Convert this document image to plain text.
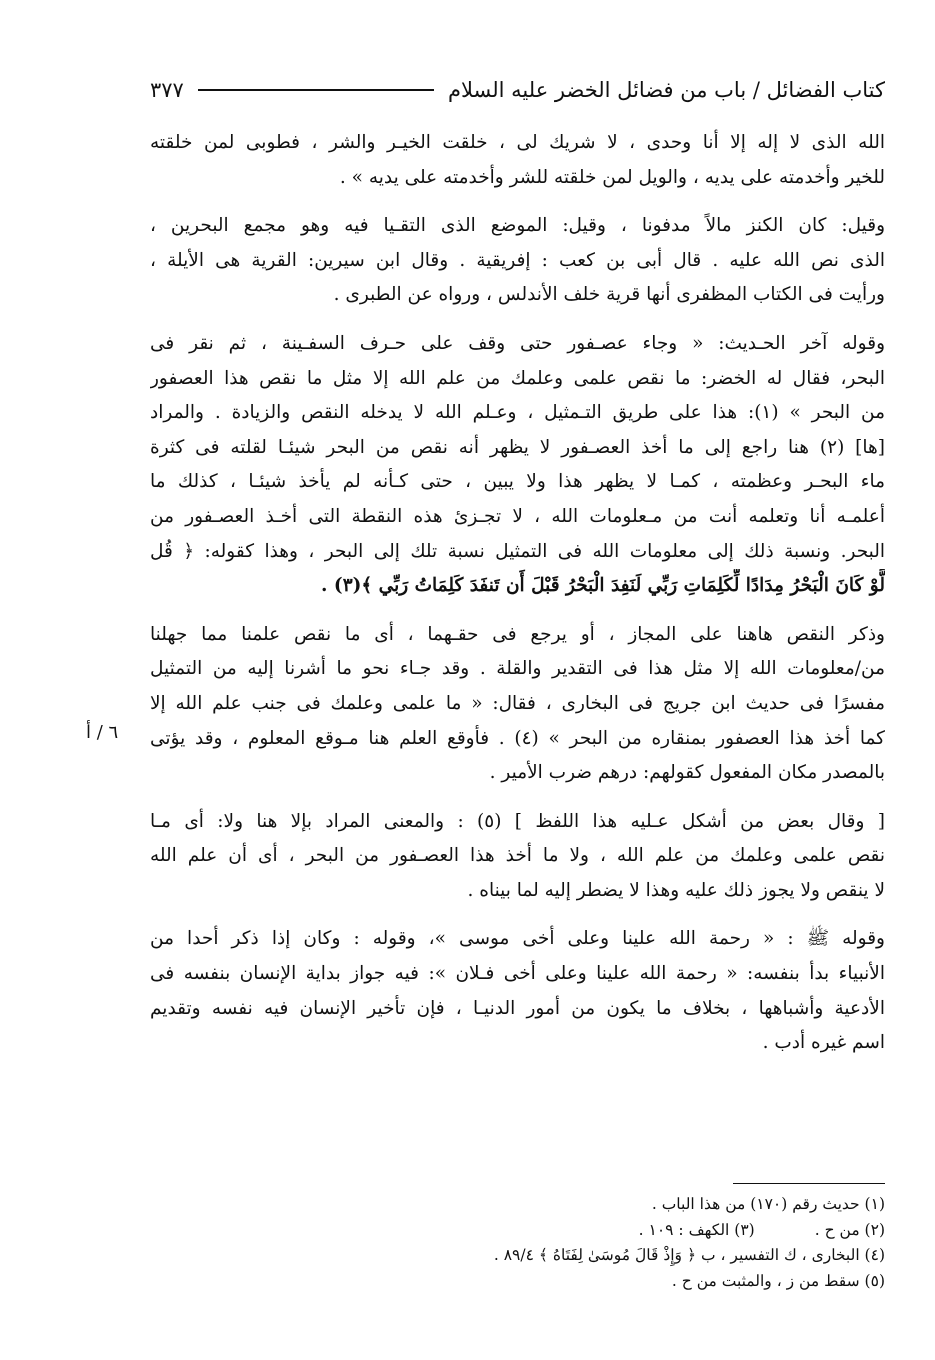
كتاب الفضائل / باب من فضائل الخضر عليه السلام
٣٧٧
الله الذى لا إله إلا أنا وحدى ، لا شريك لى ، خلقت الخيـر والشر ، فطوبى لمن خلقته
للخير وأخدمته على يديه ، والويل لمن خلقته للشر وأخدمته على يديه » .
وقيل: كان الكنز مالاً مدفونا ، وقيل: الموضع الذى التقـيا فيه وهو مجمع البحرين ،
الذى نص الله عليه . قال أبى بن كعب : إفريقية . وقال ابن سيرين: القرية هى الأيلة ،
ورأيت فى الكتاب المظفرى أنها قرية خلف الأندلس ، ورواه عن الطبرى .
وقوله آخر الحـديث: « وجاء عصـفور حتى وقف على حـرف السفـينة ، ثم نقر فى
البحر، فقال له الخضر: ما نقص علمى وعلمك من علم الله إلا مثل ما نقص هذا العصفور
من البحر » (١): هذا على طريق التـمثيل ، وعـلم الله لا يدخله النقص والزيادة . والمراد
[ها] (٢) هنا راجع إلى ما أخذ العصـفور لا يظهر أنه نقص من البحر شيئـا لقلته فى كثرة
ماء البحـر وعظمته ، كمـا لا يظهر هذا ولا يبين ، حتى كـأنه لم يأخذ شيئـا ، كذلك ما
أعلمـه أنا وتعلمه أنت من مـعلومات الله ، لا تجـزئ هذه النقطة التى أخـذ العصـفور من
البحر. ونسبة ذلك إلى معلومات الله فى التمثيل نسبة تلك إلى البحر ، وهذا كقوله: ﴿ قُل
لَّوْ كَانَ الْبَحْرُ مِدَادًا لِّكَلِمَاتِ رَبِّي لَنَفِدَ الْبَحْرُ قَبْلَ أَن تَنفَدَ كَلِمَاتُ رَبِّي ﴾(٣) .
وذكر النقص هاهنا على المجاز ، أو يرجع فى حقـهما ، أى ما نقص علمنا مما جهلنا
من/معلومات الله إلا مثل هذا فى التقدير والقلة . وقد جـاء نحو ما أشرنا إليه من التمثيل
مفسرًا فى حديث ابن جريج فى البخارى ، فقال: « ما علمى وعلمك فى جنب علم الله إلا
كما أخذ هذا العصفور بمنقاره من البحر » (٤) . فأوقع العلم هنا مـوقع المعلوم ، وقد يؤتى
بالمصدر مكان المفعول كقولهم: درهم ضرب الأمير .
[ وقال بعض من أشكل عـليه هذا اللفظ ] (٥) : والمعنى المراد بإلا هنا ولا: أى مـا
نقص علمى وعلمك من علم الله ، ولا ما أخذ هذا العصـفور من البحر ، أى أن علم الله
لا ينقص ولا يجوز ذلك عليه وهذا لا يضطر إليه لما بيناه .
وقوله ﷺ : « رحمة الله علينا وعلى أخى موسى »، وقوله : وكان إذا ذكر أحدا من
الأنبياء بدأ بنفسه: « رحمة الله علينا وعلى أخى فـلان »: فيه جواز بداية الإنسان بنفسه فى
الأدعية وأشباهها ، بخلاف ما يكون من أمور الدنيـا ، فإن تأخير الإنسان فيه نفسه وتقديم
اسم غيره أدب .
٦ / أ
(١) حديث رقم (١٧٠) من هذا الباب .
(٢) من ح .
(٣) الكهف : ١٠٩ .
(٤) البخارى ، ك التفسير ، ب ﴿ وَإِذْ قَالَ مُوسَىٰ لِفَتَاهُ ﴾ ٨٩/٤ .
(٥) سقط من ز ، والمثبت من ح .
